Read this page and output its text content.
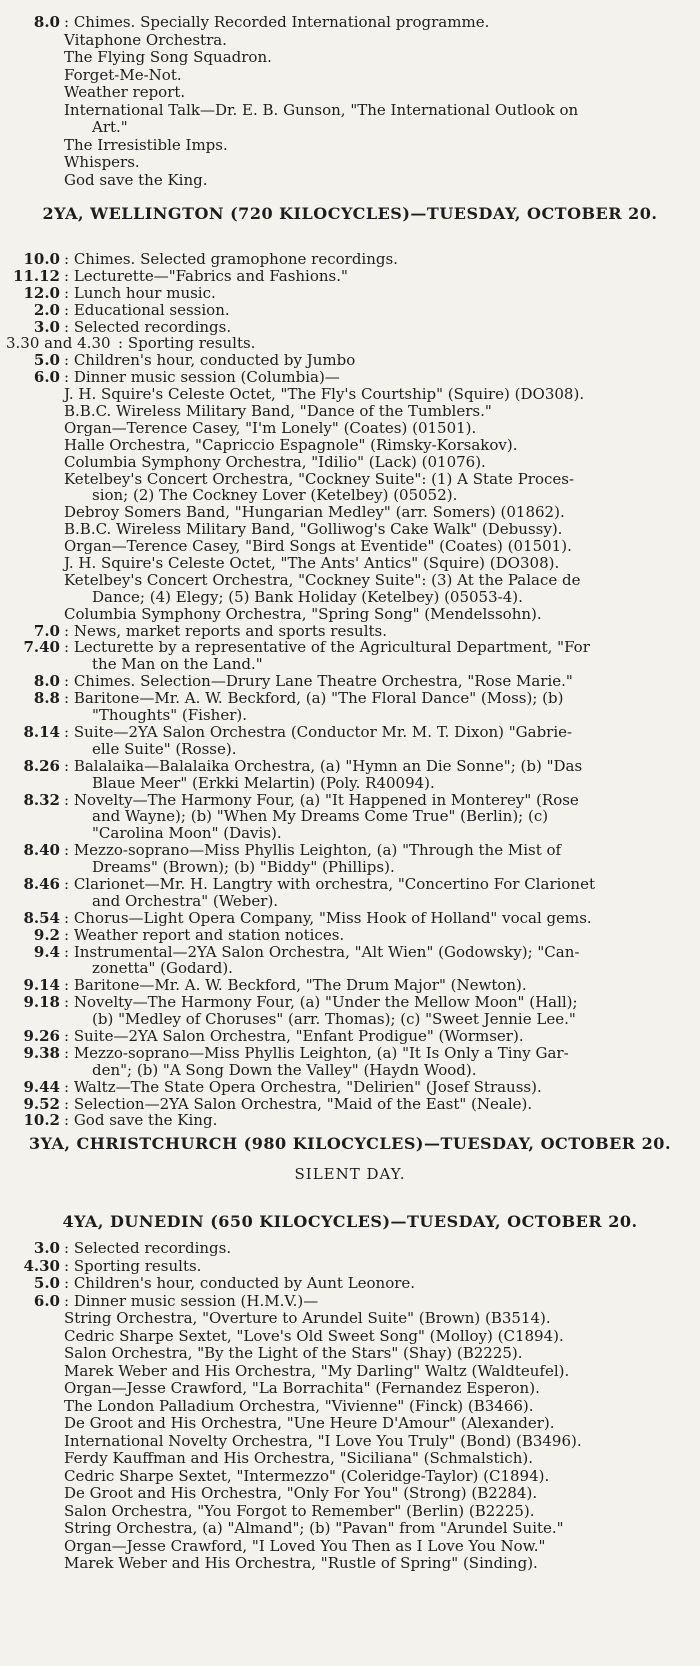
8.0 : Chimes. Specially Recorded International programme.
Vitaphone Orchestra.
The Flying Song Squadron.
Forget-Me-Not.
Weather report.
International Talk—Dr. E. B. Gunson, "The International Outlook on
Art."
The Irresistible Imps.
Whispers.
God save the King.
2YA, WELLINGTON (720 KILOCYCLES)—TUESDAY, OCTOBER 20.
10.0 : Chimes. Selected gramophone recordings.
11.12 : Lecturette—"Fabrics and Fashions."
12.0 : Lunch hour music.
2.0 : Educational session.
3.0 : Selected recordings.
3.30 and 4.30 : Sporting results.
5.0 : Children's hour, conducted by Jumbo
6.0 : Dinner music session (Columbia)—
J. H. Squire's Celeste Octet, "The Fly's Courtship" (Squire) (DO308).
B.B.C. Wireless Military Band, "Dance of the Tumblers."
Organ—Terence Casey, "I'm Lonely" (Coates) (01501).
Halle Orchestra, "Capriccio Espagnole" (Rimsky-Korsakov).
Columbia Symphony Orchestra, "Idilio" (Lack) (01076).
Ketelbey's Concert Orchestra, "Cockney Suite": (1) A State Proces-
sion; (2) The Cockney Lover (Ketelbey) (05052).
Debroy Somers Band, "Hungarian Medley" (arr. Somers) (01862).
B.B.C. Wireless Military Band, "Golliwog's Cake Walk" (Debussy).
Organ—Terence Casey, "Bird Songs at Eventide" (Coates) (01501).
J. H. Squire's Celeste Octet, "The Ants' Antics" (Squire) (DO308).
Ketelbey's Concert Orchestra, "Cockney Suite": (3) At the Palace de
Dance; (4) Elegy; (5) Bank Holiday (Ketelbey) (05053-4).
Columbia Symphony Orchestra, "Spring Song" (Mendelssohn).
7.0 : News, market reports and sports results.
7.40 : Lecturette by a representative of the Agricultural Department, "For
the Man on the Land."
8.0 : Chimes. Selection—Drury Lane Theatre Orchestra, "Rose Marie."
8.8 : Baritone—Mr. A. W. Beckford, (a) "The Floral Dance" (Moss); (b)
"Thoughts" (Fisher).
8.14 : Suite—2YA Salon Orchestra (Conductor Mr. M. T. Dixon) "Gabrie-
elle Suite" (Rosse).
8.26 : Balalaika—Balalaika Orchestra, (a) "Hymn an Die Sonne"; (b) "Das
Blaue Meer" (Erkki Melartin) (Poly. R40094).
8.32 : Novelty—The Harmony Four, (a) "It Happened in Monterey" (Rose
and Wayne); (b) "When My Dreams Come True" (Berlin); (c)
"Carolina Moon" (Davis).
8.40 : Mezzo-soprano—Miss Phyllis Leighton, (a) "Through the Mist of
Dreams" (Brown); (b) "Biddy" (Phillips).
8.46 : Clarionet—Mr. H. Langtry with orchestra, "Concertino For Clarionet
and Orchestra" (Weber).
8.54 : Chorus—Light Opera Company, "Miss Hook of Holland" vocal gems.
9.2 : Weather report and station notices.
9.4 : Instrumental—2YA Salon Orchestra, "Alt Wien" (Godowsky); "Can-
zonetta" (Godard).
9.14 : Baritone—Mr. A. W. Beckford, "The Drum Major" (Newton).
9.18 : Novelty—The Harmony Four, (a) "Under the Mellow Moon" (Hall);
(b) "Medley of Choruses" (arr. Thomas); (c) "Sweet Jennie Lee."
9.26 : Suite—2YA Salon Orchestra, "Enfant Prodigue" (Wormser).
9.38 : Mezzo-soprano—Miss Phyllis Leighton, (a) "It Is Only a Tiny Gar-
den"; (b) "A Song Down the Valley" (Haydn Wood).
9.44 : Waltz—The State Opera Orchestra, "Delirien" (Josef Strauss).
9.52 : Selection—2YA Salon Orchestra, "Maid of the East" (Neale).
10.2 : God save the King.
3YA, CHRISTCHURCH (980 KILOCYCLES)—TUESDAY, OCTOBER 20.
SILENT DAY.
4YA, DUNEDIN (650 KILOCYCLES)—TUESDAY, OCTOBER 20.
3.0 : Selected recordings.
4.30 : Sporting results.
5.0 : Children's hour, conducted by Aunt Leonore.
6.0 : Dinner music session (H.M.V.)—
String Orchestra, "Overture to Arundel Suite" (Brown) (B3514).
Cedric Sharpe Sextet, "Love's Old Sweet Song" (Molloy) (C1894).
Salon Orchestra, "By the Light of the Stars" (Shay) (B2225).
Marek Weber and His Orchestra, "My Darling" Waltz (Waldteufel).
Organ—Jesse Crawford, "La Borrachita" (Fernandez Esperon).
The London Palladium Orchestra, "Vivienne" (Finck) (B3466).
De Groot and His Orchestra, "Une Heure D'Amour" (Alexander).
International Novelty Orchestra, "I Love You Truly" (Bond) (B3496).
Ferdy Kauffman and His Orchestra, "Siciliana" (Schmalstich).
Cedric Sharpe Sextet, "Intermezzo" (Coleridge-Taylor) (C1894).
De Groot and His Orchestra, "Only For You" (Strong) (B2284).
Salon Orchestra, "You Forgot to Remember" (Berlin) (B2225).
String Orchestra, (a) "Almand"; (b) "Pavan" from "Arundel Suite."
Organ—Jesse Crawford, "I Loved You Then as I Love You Now."
Marek Weber and His Orchestra, "Rustle of Spring" (Sinding).
